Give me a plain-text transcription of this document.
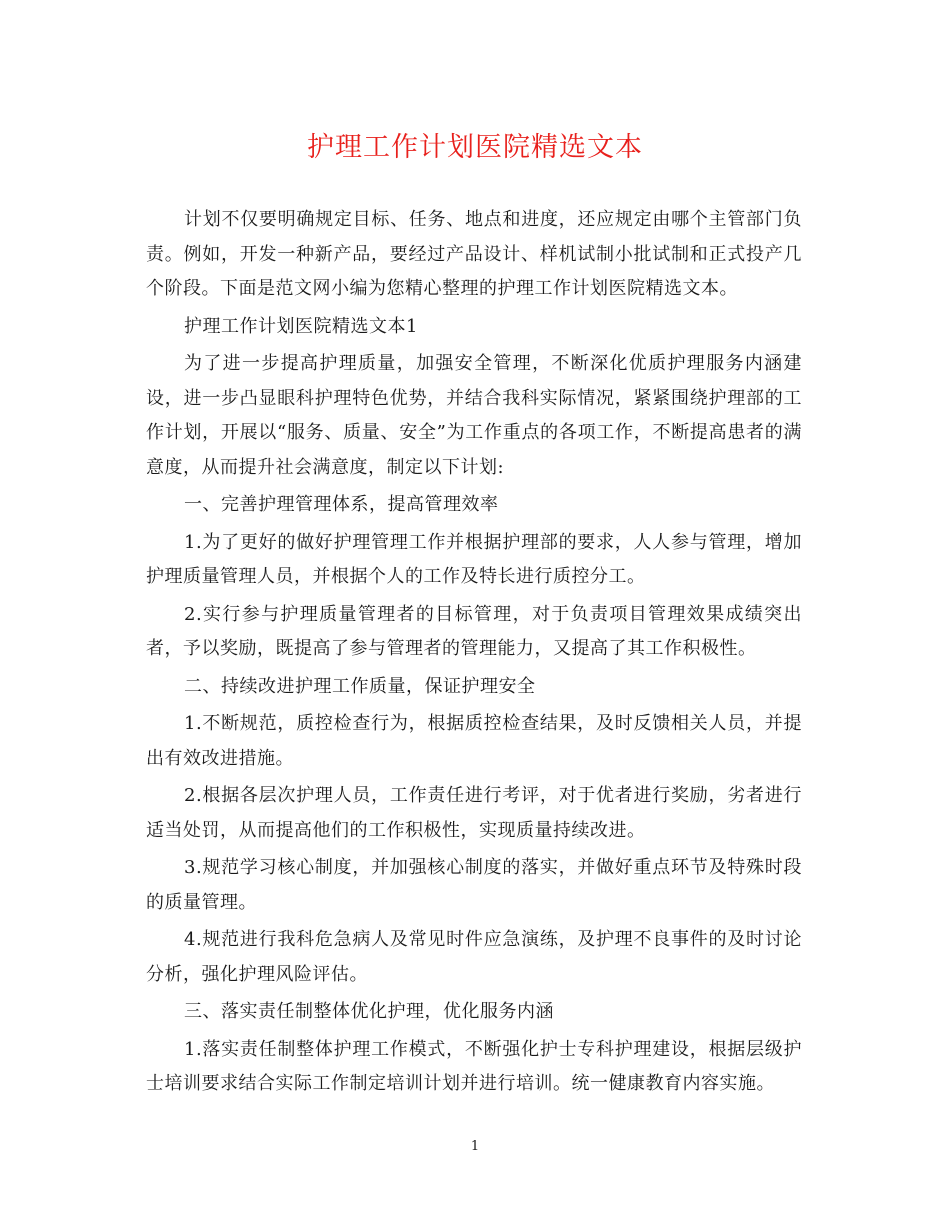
护理工作计划医院精选文本

计划不仅要明确规定目标、任务、地点和进度，还应规定由哪个主管部门负责。例如，开发一种新产品，要经过产品设计、样机试制小批试制和正式投产几个阶段。下面是范文网小编为您精心整理的护理工作计划医院精选文本。

护理工作计划医院精选文本1

为了进一步提高护理质量，加强安全管理，不断深化优质护理服务内涵建设，进一步凸显眼科护理特色优势，并结合我科实际情况，紧紧围绕护理部的工作计划，开展以“服务、质量、安全”为工作重点的各项工作，不断提高患者的满意度，从而提升社会满意度，制定以下计划:

一、完善护理管理体系，提高管理效率

1.为了更好的做好护理管理工作并根据护理部的要求，人人参与管理，增加护理质量管理人员，并根据个人的工作及特长进行质控分工。

2.实行参与护理质量管理者的目标管理，对于负责项目管理效果成绩突出者，予以奖励，既提高了参与管理者的管理能力，又提高了其工作积极性。

二、持续改进护理工作质量，保证护理安全

1.不断规范，质控检查行为，根据质控检查结果，及时反馈相关人员，并提出有效改进措施。

2.根据各层次护理人员，工作责任进行考评，对于优者进行奖励，劣者进行适当处罚，从而提高他们的工作积极性，实现质量持续改进。

3.规范学习核心制度，并加强核心制度的落实，并做好重点环节及特殊时段的质量管理。

4.规范进行我科危急病人及常见时件应急演练，及护理不良事件的及时讨论分析，强化护理风险评估。

三、落实责任制整体优化护理，优化服务内涵

1.落实责任制整体护理工作模式，不断强化护士专科护理建设，根据层级护士培训要求结合实际工作制定培训计划并进行培训。统一健康教育内容实施。

1
